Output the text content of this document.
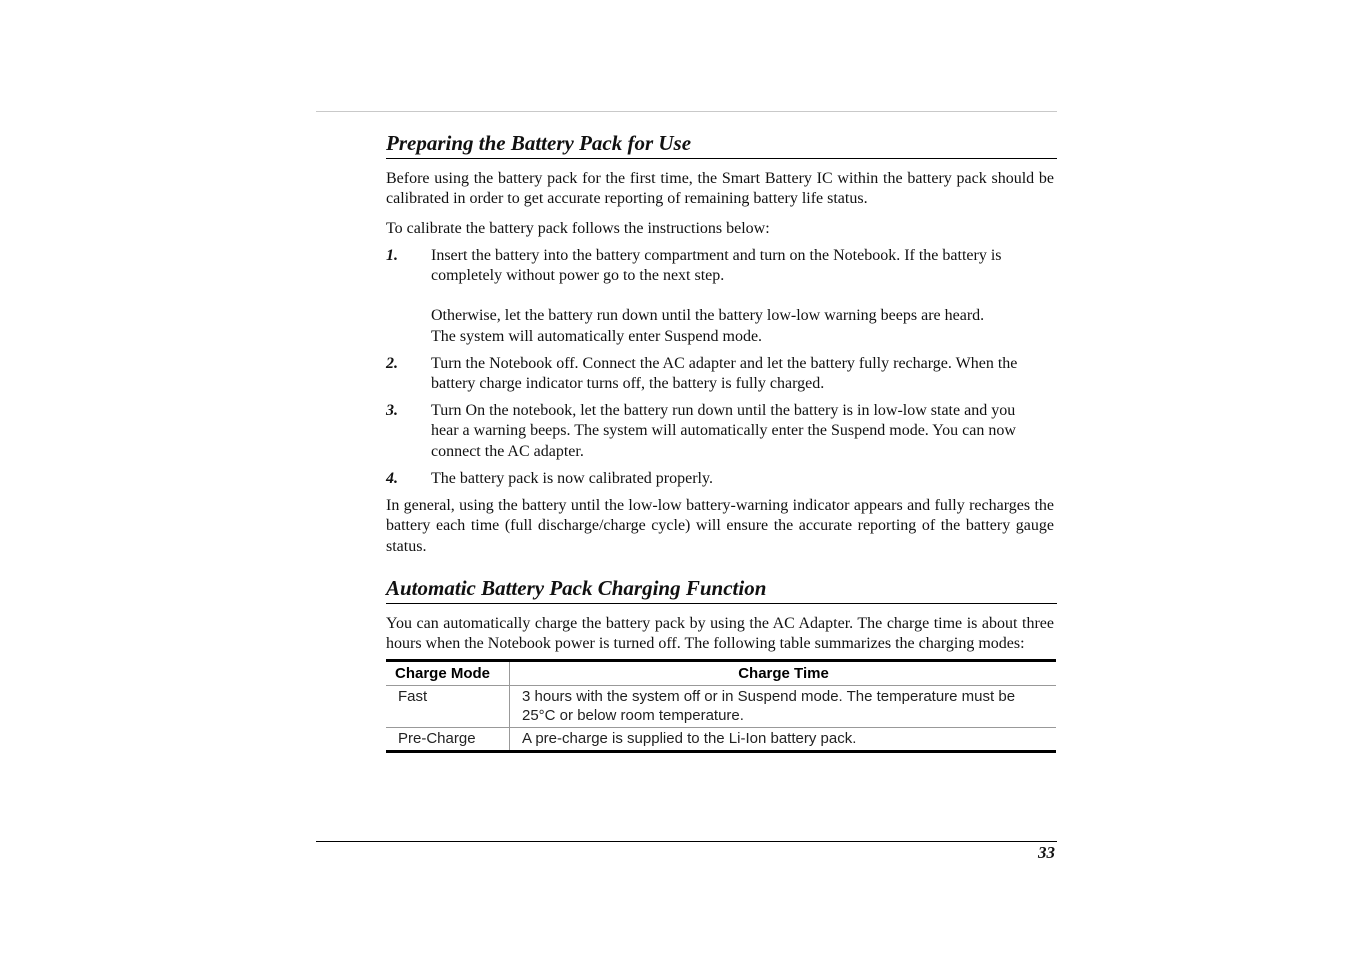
Preparing the Battery Pack for Use

Before using the battery pack for the first time, the Smart Battery IC within the battery pack should be calibrated in order to get accurate reporting of remaining battery life status.

To calibrate the battery pack follows the instructions below:

1.	Insert the battery into the battery compartment and turn on the Notebook. If the battery is completely without power go to the next step.
Otherwise, let the battery run down until the battery low-low warning beeps are heard.
The system will automatically enter Suspend mode.
2.	Turn the Notebook off. Connect the AC adapter and let the battery fully recharge. When the battery charge indicator turns off, the battery is fully charged.
3.	Turn On the notebook, let the battery run down until the battery is in low-low state and you hear a warning beeps. The system will automatically enter the Suspend mode. You can now connect the AC adapter.
4.	The battery pack is now calibrated properly.

In general, using the battery until the low-low battery-warning indicator appears and fully recharges the battery each time (full discharge/charge cycle) will ensure the accurate reporting of the battery gauge status.

Automatic Battery Pack Charging Function

You can automatically charge the battery pack by using the AC Adapter. The charge time is about three hours when the Notebook power is turned off. The following table summarizes the charging modes:

Charge Mode	Charge Time
Fast	3 hours with the system off or in Suspend mode. The temperature must be 25°C or below room temperature.
Pre-Charge	A pre-charge is supplied to the Li-Ion battery pack.
33
